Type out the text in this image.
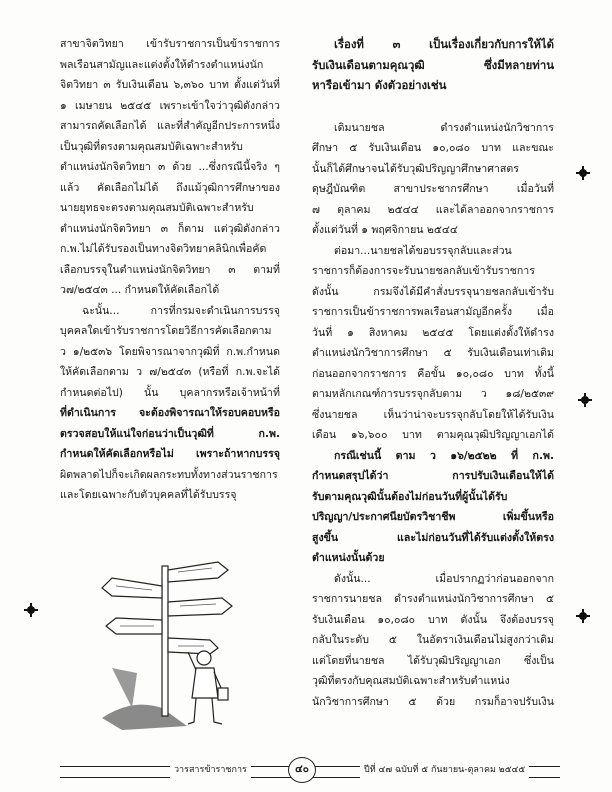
สาขาจิตวิทยา เข้ารับราชการเป็นข้าราชการ
พลเรือนสามัญและแต่งตั้งให้ดำรงตำแหน่งนัก
จิตวิทยา ๓ รับเงินเดือน ๖,๓๖๐ บาท ตั้งแต่วันที่
๑ เมษายน ๒๕๔๕ เพราะเข้าใจว่าวุฒิดังกล่าว
สามารถคัดเลือกได้ และที่สำคัญอีกประการหนึ่ง
เป็นวุฒิที่ตรงตามคุณสมบัติเฉพาะสำหรับ
ตำแหน่งนักจิตวิทยา ๓ ด้วย ...ซึ่งกรณีนี้จริง ๆ
แล้ว คัดเลือกไม่ได้ ถึงแม้วุฒิการศึกษาของ
นายยุทธจะตรงตามคุณสมบัติเฉพาะสำหรับ
ตำแหน่งนักจิตวิทยา ๓ ก็ตาม แต่วุฒิดังกล่าว
ก.พ.ไม่ได้รับรองเป็นทางจิตวิทยาคลินิกเพื่อคัด
เลือกบรรจุในตำแหน่งนักจิตวิทยา ๓ ตามที่
ว๗/๒๕๔๓ ... กำหนดให้คัดเลือกได้
ฉะนั้น... การที่กรมจะดำเนินการบรรจุ
บุคคลใดเข้ารับราชการโดยวิธีการคัดเลือกตาม
ว ๑/๒๕๓๖ โดยพิจารณาจากวุฒิที่ ก.พ.กำหนด
ให้คัดเลือกตาม ว ๗/๒๕๔๓ (หรือที่ ก.พ.จะได้
กำหนดต่อไป) นั้น บุคลากรหรือเจ้าหน้าที่
ที่ดำเนินการ จะต้องพิจารณาให้รอบคอบหรือ
ตรวจสอบให้แน่ใจก่อนว่าเป็นวุฒิที่ ก.พ.
กำหนดให้คัดเลือกหรือไม่ เพราะถ้าหากบรรจุ
ผิดพลาดไปก็จะเกิดผลกระทบทั้งทางส่วนราชการ
และโดยเฉพาะกับตัวบุคคลที่ได้รับบรรจุ
เรื่องที่ ๓ เป็นเรื่องเกี่ยวกับการให้ได้
รับเงินเดือนตามคุณวุฒิ ซึ่งมีหลายท่าน
หารือเข้ามา ดังตัวอย่างเช่น
เดิมนายชล ดำรงตำแหน่งนักวิชาการ
ศึกษา ๕ รับเงินเดือน ๑๐,๐๘๐ บาท และขณะ
นั้นก็ได้ศึกษาจนได้รับวุฒิปริญญาศึกษาศาสตร
ดุษฎีบัณฑิต สาขาประชากรศึกษา เมื่อวันที่
๗ ตุลาคม ๒๕๔๔ และได้ลาออกจากราชการ
ตั้งแต่วันที่ ๑ พฤศจิกายน ๒๕๔๔
ต่อมา...นายชลได้ขอบรรจุกลับและส่วน
ราชการก็ต้องการจะรับนายชลกลับเข้ารับราชการ
ดังนั้น กรมจึงได้มีคำสั่งบรรจุนายชลกลับเข้ารับ
ราชการเป็นข้าราชการพลเรือนสามัญอีกครั้ง เมื่อ
วันที่ ๑ สิงหาคม ๒๕๔๕ โดยแต่งตั้งให้ดำรง
ตำแหน่งนักวิชาการศึกษา ๕ รับเงินเดือนเท่าเดิม
ก่อนออกจากราชการ คือขั้น ๑๐,๐๘๐ บาท ทั้งนี้
ตามหลักเกณฑ์การบรรจุกลับตาม ว ๑๘/๒๕๓๙
ซึ่งนายชล เห็นว่าน่าจะบรรจุกลับโดยให้ได้รับเงิน
เดือน ๑๖,๖๐๐ บาท ตามคุณวุฒิปริญญาเอกได้
กรณีเช่นนี้ ตาม ว ๑๖/๒๕๒๒ ที่ ก.พ.
กำหนดสรุปได้ว่า การปรับเงินเดือนให้ได้
รับตามคุณวุฒินั้นต้องไม่ก่อนวันที่ผู้นั้นได้รับ
ปริญญา/ประกาศนียบัตรวิชาชีพ เพิ่มขึ้นหรือ
สูงขึ้น และไม่ก่อนวันที่ได้รับแต่งตั้งให้ตรง
ตำแหน่งนั้นด้วย
ดังนั้น... เมื่อปรากฏว่าก่อนออกจาก
ราชการนายชล ดำรงตำแหน่งนักวิชาการศึกษา ๕
รับเงินเดือน ๑๐,๐๘๐ บาท ดังนั้น จึงต้องบรรจุ
กลับในระดับ ๕ ในอัตราเงินเดือนไม่สูงกว่าเดิม
แต่โดยที่นายชล ได้รับวุฒิปริญญาเอก ซึ่งเป็น
วุฒิที่ตรงกับคุณสมบัติเฉพาะสำหรับตำแหน่ง
นักวิชาการศึกษา ๕ ด้วย กรมก็อาจปรับเงิน
วารสารข้าราชการ	๔๐	ปีที่ ๔๗ ฉบับที่ ๕ กันยายน-ตุลาคม ๒๕๔๕
